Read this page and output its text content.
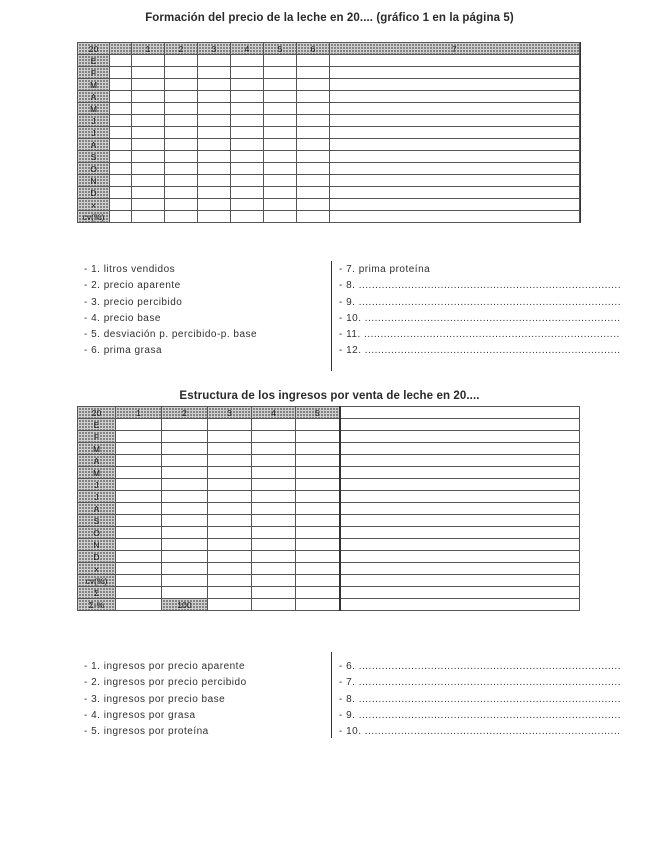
Formación del precio de la leche en 20.... (gráfico 1 en la página 5)
20		1	2	3	4	5	6	7	
E									
F									
M									
A									
M									
J									
J									
A									
S									
O									
N									
D									
x									
cv(%)									
- 1. litros vendidos
- 2. precio aparente
- 3. precio percibido
- 4. precio base
- 5. desviación p. percibido-p. base
- 6. prima grasa
- 7. prima proteína
- 8. ................................................................................
- 9. ................................................................................
- 10. ..............................................................................
- 11. ..............................................................................
- 12. ..............................................................................
Estructura de los ingresos por venta de leche en 20....
20	1	2	3	4	5	
E						
F						
M						
A						
M						
J						
J						
A						
S						
O						
N						
D						
x						
cv(%)						
Σ						
Σ-%		100				
- 1. ingresos por precio aparente
- 2. ingresos por precio percibido
- 3. ingresos por precio base
- 4. ingresos por grasa
- 5. ingresos por proteína
- 6. ................................................................................
- 7. ................................................................................
- 8. ................................................................................
- 9. ................................................................................
- 10. ..............................................................................
